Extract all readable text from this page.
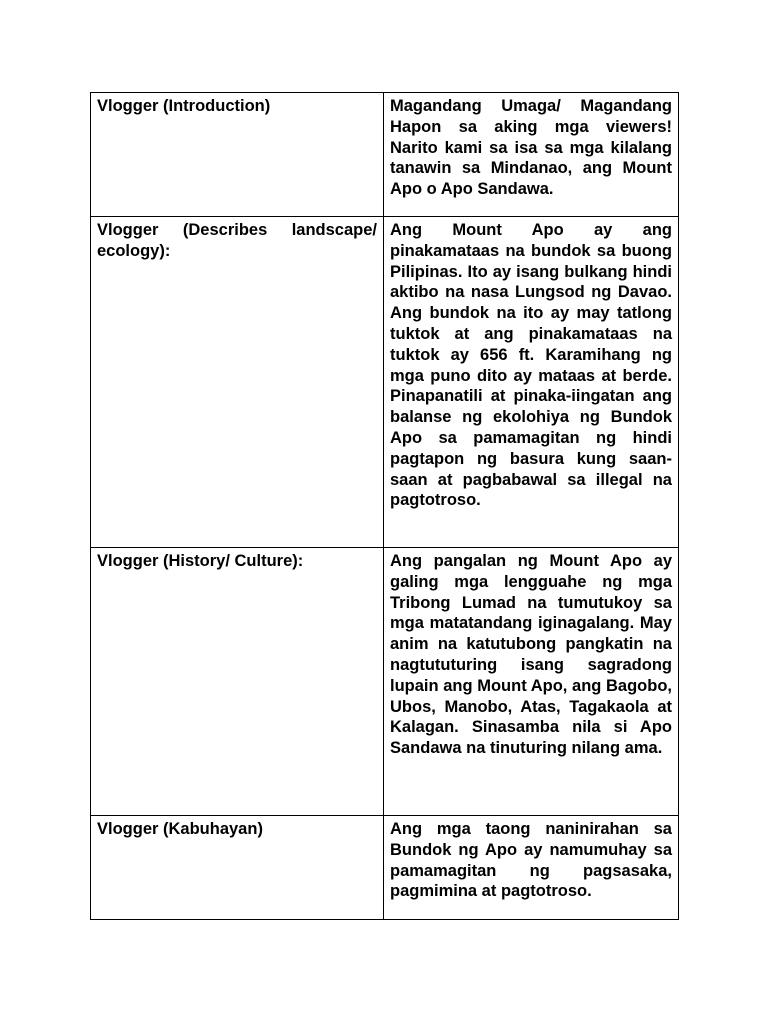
Vlogger (Introduction)	Magandang Umaga/ Magandang Hapon sa aking mga viewers! Narito kami sa isa sa mga kilalang tanawin sa Mindanao, ang Mount Apo o Apo Sandawa.
Vlogger (Describes landscape/ ecology):	Ang Mount Apo ay ang pinakamataas na bundok sa buong Pilipinas. Ito ay isang bulkang hindi aktibo na nasa Lungsod ng Davao. Ang bundok na ito ay may tatlong tuktok at ang pinakamataas na tuktok ay 656 ft. Karamihang ng mga puno dito ay mataas at berde. Pinapanatili at pinaka-iingatan ang balanse ng ekolohiya ng Bundok Apo sa pamamagitan ng hindi pagtapon ng basura kung saan-saan at pagbabawal sa illegal na pagtotroso.
Vlogger (History/ Culture):	Ang pangalan ng Mount Apo ay galing mga lengguahe ng mga Tribong Lumad na tumutukoy sa mga matatandang iginagalang. May anim na katutubong pangkatin na nagtututuring isang sagradong lupain ang Mount Apo, ang Bagobo, Ubos, Manobo, Atas, Tagakaola at Kalagan. Sinasamba nila si Apo Sandawa na tinuturing nilang ama.
Vlogger (Kabuhayan)	Ang mga taong naninirahan sa Bundok ng Apo ay namumuhay sa pamamagitan ng pagsasaka, pagmimina at pagtotroso.
